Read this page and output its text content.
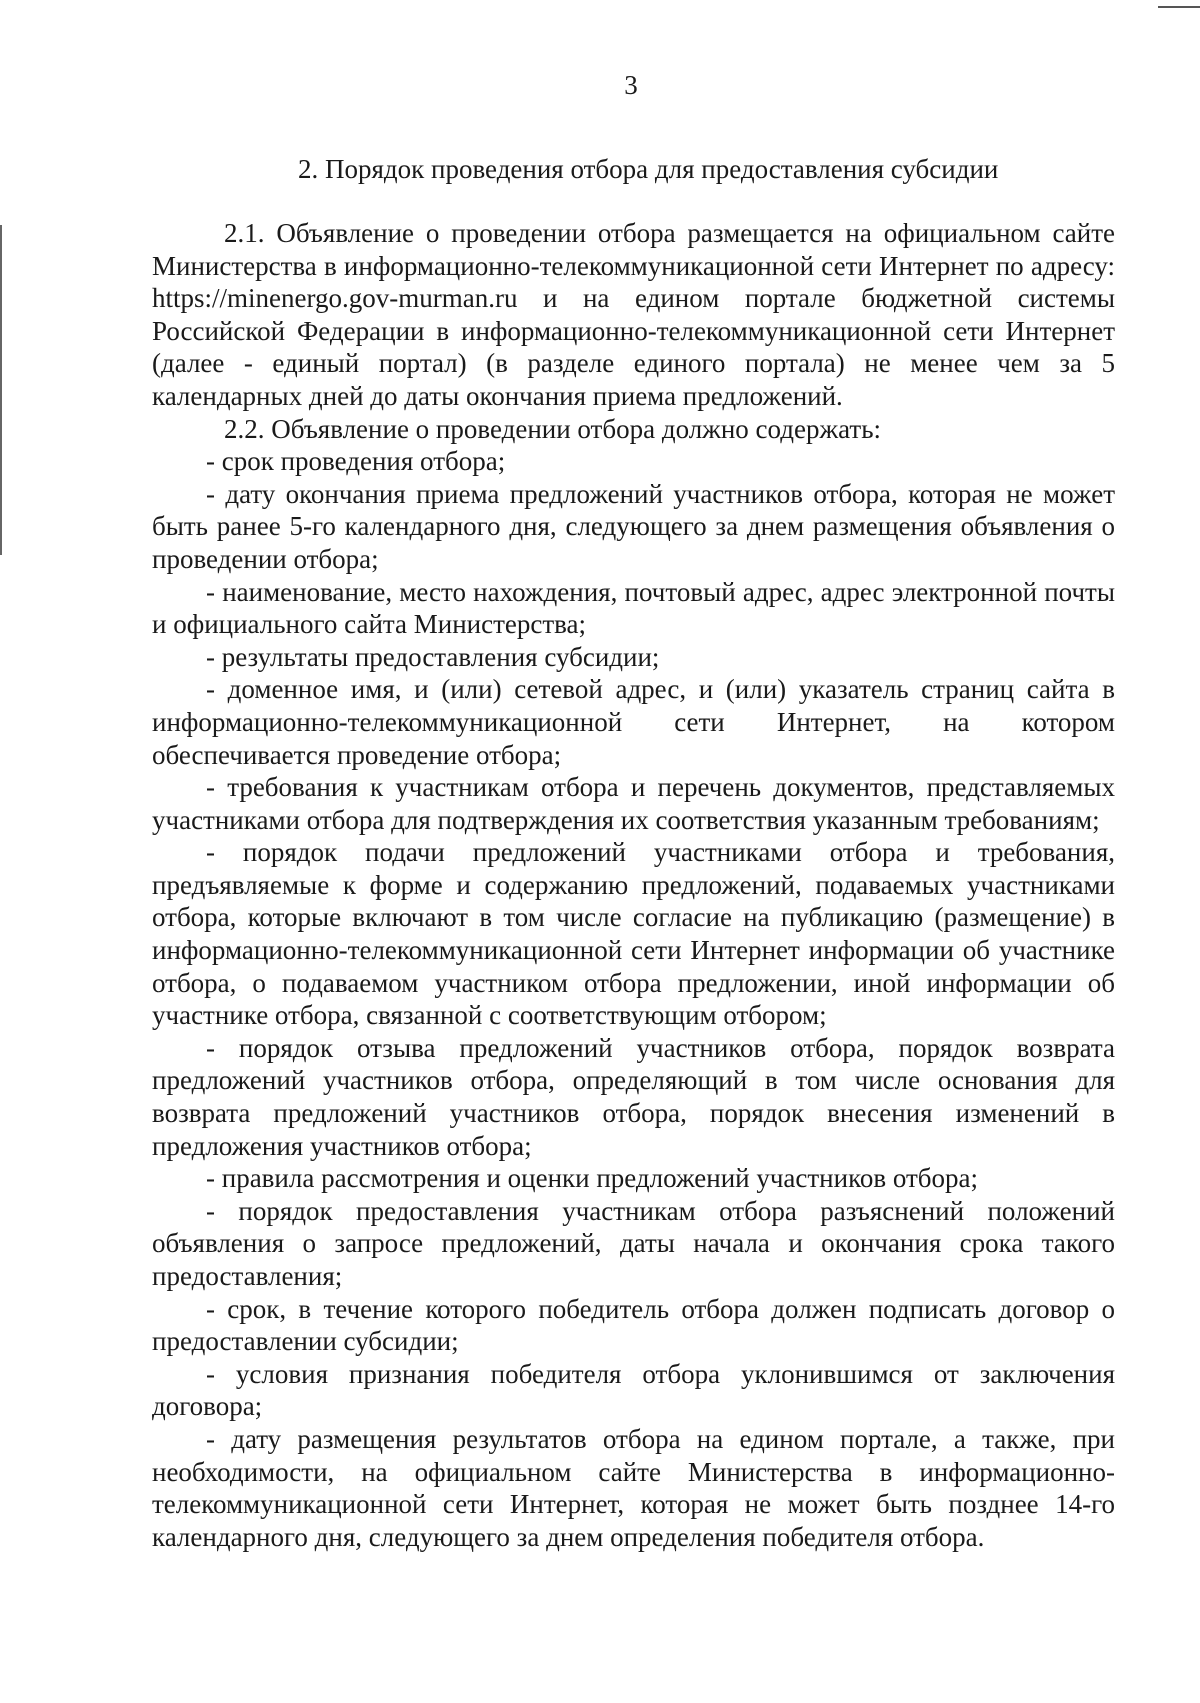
3
2. Порядок проведения отбора для предоставления субсидии

2.1. Объявление о проведении отбора размещается на официальном сайте Министерства в информационно-телекоммуникационной сети Интернет по адресу: https://minenergo.gov-murman.ru и на едином портале бюджетной системы Российской Федерации в информационно-телекоммуникационной сети Интернет (далее - единый портал) (в разделе единого портала) не менее чем за 5 календарных дней до даты окончания приема предложений.

2.2. Объявление о проведении отбора должно содержать:

- срок проведения отбора;

- дату окончания приема предложений участников отбора, которая не может быть ранее 5-го календарного дня, следующего за днем размещения объявления о проведении отбора;

- наименование, место нахождения, почтовый адрес, адрес электронной почты и официального сайта Министерства;

- результаты предоставления субсидии;

- доменное имя, и (или) сетевой адрес, и (или) указатель страниц сайта в информационно-телекоммуникационной сети Интернет, на котором обеспечивается проведение отбора;

- требования к участникам отбора и перечень документов, представляемых участниками отбора для подтверждения их соответствия указанным требованиям;

- порядок подачи предложений участниками отбора и требования, предъявляемые к форме и содержанию предложений, подаваемых участниками отбора, которые включают в том числе согласие на публикацию (размещение) в информационно-телекоммуникационной сети Интернет информации об участнике отбора, о подаваемом участником отбора предложении, иной информации об участнике отбора, связанной с соответствующим отбором;

- порядок отзыва предложений участников отбора, порядок возврата предложений участников отбора, определяющий в том числе основания для возврата предложений участников отбора, порядок внесения изменений в предложения участников отбора;

- правила рассмотрения и оценки предложений участников отбора;

- порядок предоставления участникам отбора разъяснений положений объявления о запросе предложений, даты начала и окончания срока такого предоставления;

- срок, в течение которого победитель отбора должен подписать договор о предоставлении субсидии;

- условия признания победителя отбора уклонившимся от заключения договора;

- дату размещения результатов отбора на едином портале, а также, при необходимости, на официальном сайте Министерства в информационно-телекоммуникационной сети Интернет, которая не может быть позднее 14-го календарного дня, следующего за днем определения победителя отбора.
